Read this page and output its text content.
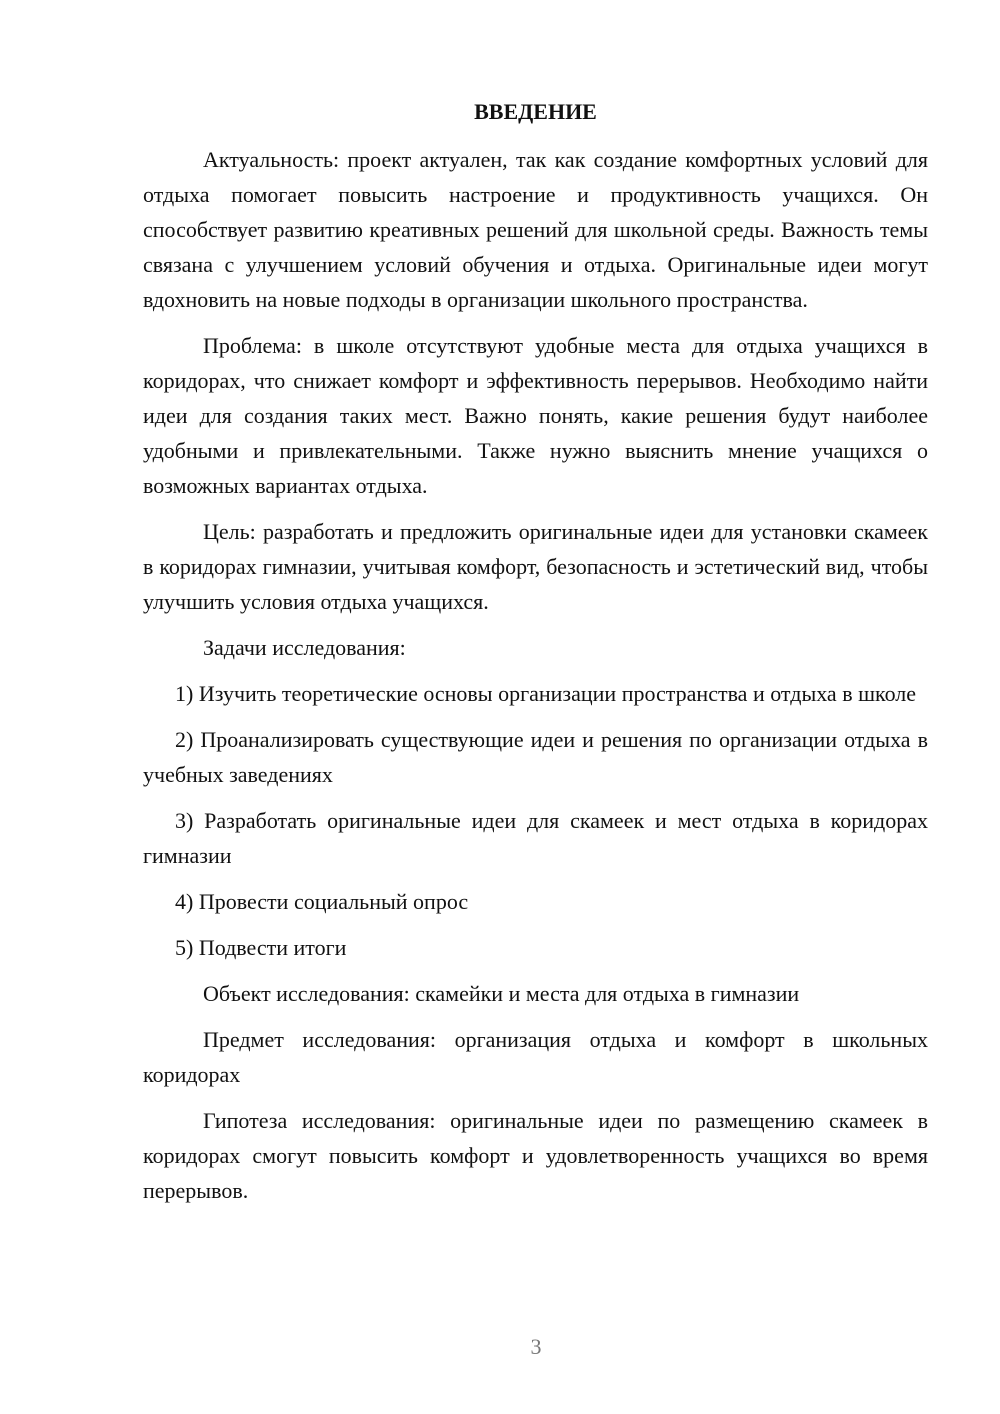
ВВЕДЕНИЕ

Актуальность: проект актуален, так как создание комфортных условий для отдыха помогает повысить настроение и продуктивность учащихся. Он способствует развитию креативных решений для школьной среды. Важность темы связана с улучшением условий обучения и отдыха. Оригинальные идеи могут вдохновить на новые подходы в организации школьного пространства.

Проблема: в школе отсутствуют удобные места для отдыха учащихся в коридорах, что снижает комфорт и эффективность перерывов. Необходимо найти идеи для создания таких мест. Важно понять, какие решения будут наиболее удобными и привлекательными. Также нужно выяснить мнение учащихся о возможных вариантах отдыха.

Цель: разработать и предложить оригинальные идеи для установки скамеек в коридорах гимназии, учитывая комфорт, безопасность и эстетический вид, чтобы улучшить условия отдыха учащихся.

Задачи исследования:

1) Изучить теоретические основы организации пространства и отдыха в школе

2) Проанализировать существующие идеи и решения по организации отдыха в учебных заведениях

3) Разработать оригинальные идеи для скамеек и мест отдыха в коридорах гимназии

4) Провести социальный опрос

5) Подвести итоги

Объект исследования: скамейки и места для отдыха в гимназии

Предмет исследования: организация отдыха и комфорт в школьных коридорах

Гипотеза исследования: оригинальные идеи по размещению скамеек в коридорах смогут повысить комфорт и удовлетворенность учащихся во время перерывов.

3
